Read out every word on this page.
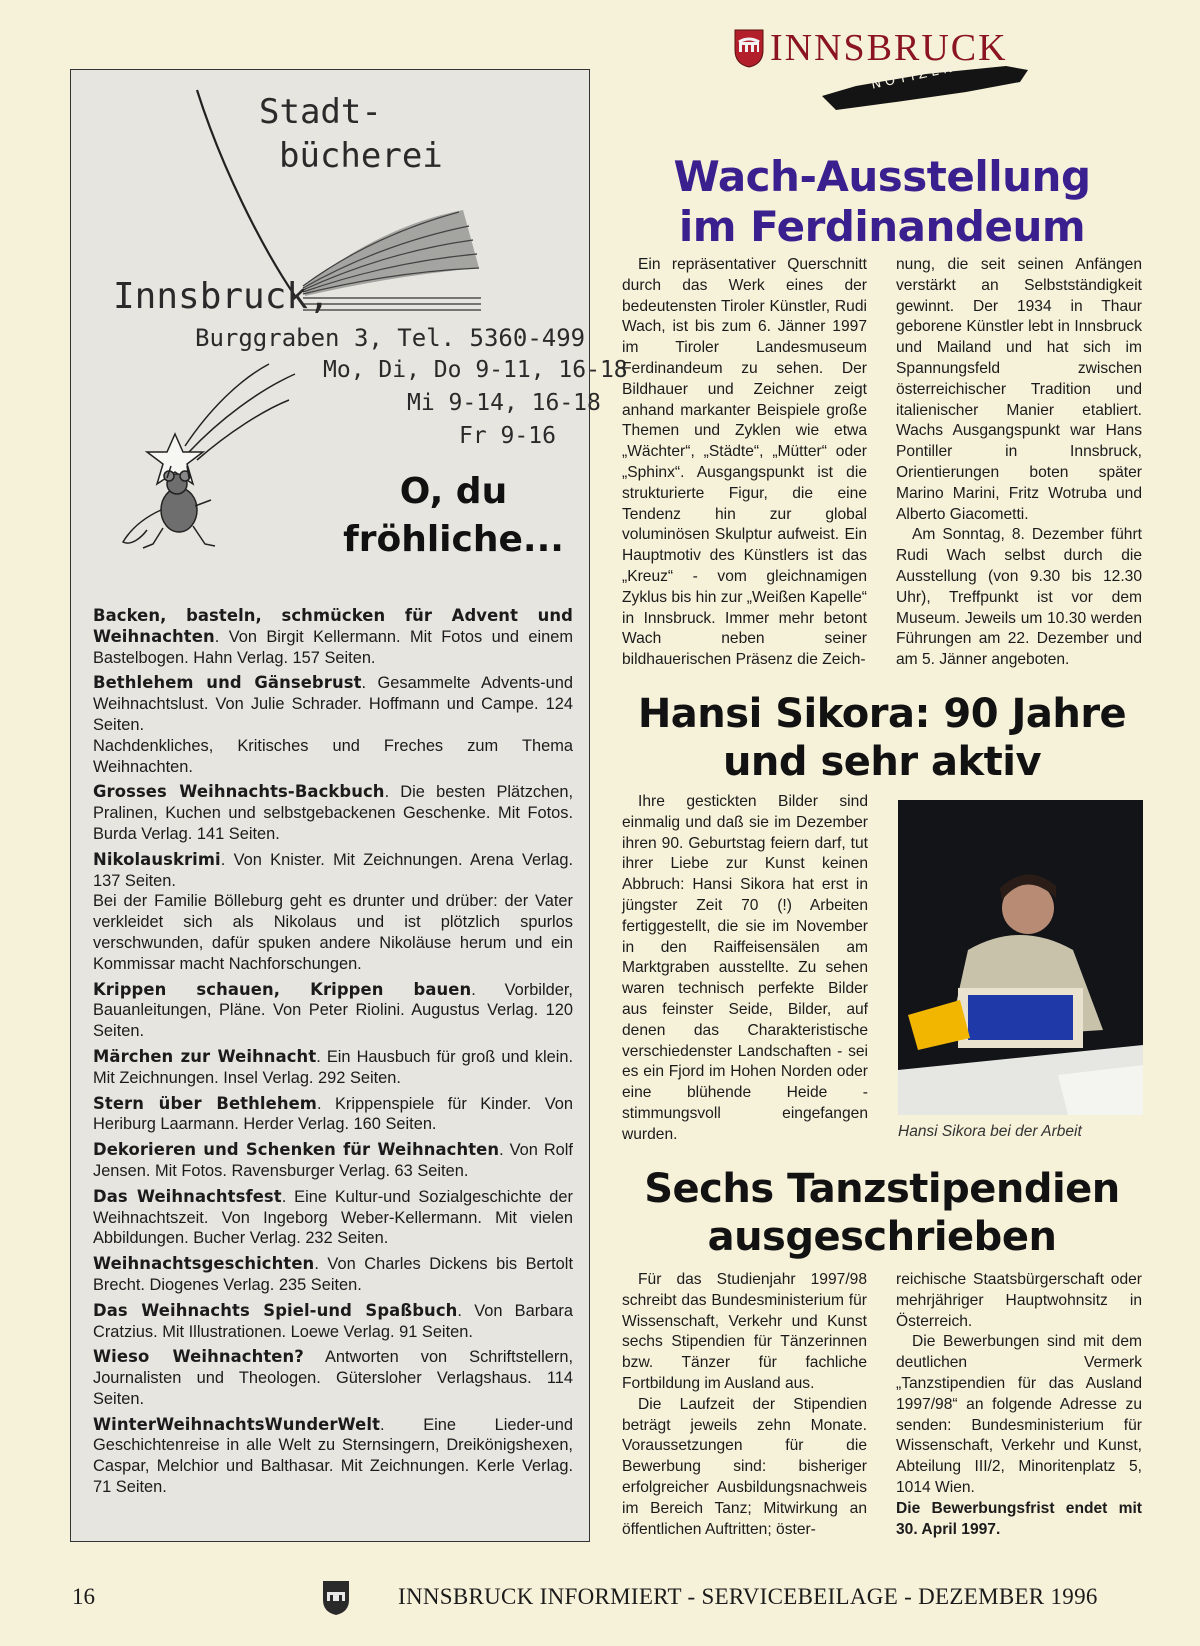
INNSBRUCK
NOTIZEN
Stadt-
bücherei
Innsbruck,
Burggraben 3, Tel. 5360-499
Mo, Di, Do 9-11, 16-18
Mi 9-14, 16-18
Fr 9-16
O, du
fröhliche...

Backen, basteln, schmücken für Advent und Weihnachten. Von Birgit Kellermann. Mit Fotos und einem Bastelbogen. Hahn Verlag. 157 Seiten.

Bethlehem und Gänsebrust. Gesammelte Advents-und Weihnachtslust. Von Julie Schrader. Hoffmann und Campe. 124 Seiten.

Nachdenkliches, Kritisches und Freches zum Thema Weihnachten.

Grosses Weihnachts-Backbuch. Die besten Plätzchen, Pralinen, Kuchen und selbstgebackenen Geschenke. Mit Fotos. Burda Verlag. 141 Seiten.

Nikolauskrimi. Von Knister. Mit Zeichnungen. Arena Verlag. 137 Seiten.

Bei der Familie Bölleburg geht es drunter und drüber: der Vater verkleidet sich als Nikolaus und ist plötzlich spurlos verschwunden, dafür spuken andere Nikoläuse herum und ein Kommissar macht Nachforschungen.

Krippen schauen, Krippen bauen. Vorbilder, Bauanleitungen, Pläne. Von Peter Riolini. Augustus Verlag. 120 Seiten.

Märchen zur Weihnacht. Ein Hausbuch für groß und klein. Mit Zeichnungen. Insel Verlag. 292 Seiten.

Stern über Bethlehem. Krippenspiele für Kinder. Von Heriburg Laarmann. Herder Verlag. 160 Seiten.

Dekorieren und Schenken für Weihnachten. Von Rolf Jensen. Mit Fotos. Ravensburger Verlag. 63 Seiten.

Das Weihnachtsfest. Eine Kultur-und Sozialgeschichte der Weihnachtszeit. Von Ingeborg Weber-Kellermann. Mit vielen Abbildungen. Bucher Verlag. 232 Seiten.

Weihnachtsgeschichten. Von Charles Dickens bis Bertolt Brecht. Diogenes Verlag. 235 Seiten.

Das Weihnachts Spiel-und Spaßbuch. Von Barbara Cratzius. Mit Illustrationen. Loewe Verlag. 91 Seiten.

Wieso Weihnachten? Antworten von Schriftstellern, Journalisten und Theologen. Gütersloher Verlagshaus. 114 Seiten.

WinterWeihnachtsWunderWelt. Eine Lieder-und Geschichtenreise in alle Welt zu Sternsingern, Dreikönigshexen, Caspar, Melchior und Balthasar. Mit Zeichnungen. Kerle Verlag. 71 Seiten.

Wach-Ausstellung
im Ferdinandeum

Ein repräsentativer Querschnitt durch das Werk eines der bedeutensten Tiroler Künstler, Rudi Wach, ist bis zum 6. Jänner 1997 im Tiroler Landesmuseum Ferdinandeum zu sehen. Der Bildhauer und Zeichner zeigt anhand markanter Beispiele große Themen und Zyklen wie etwa „Wächter“, „Städte“, „Mütter“ oder „Sphinx“. Ausgangspunkt ist die strukturierte Figur, die eine Tendenz hin zur global voluminösen Skulptur aufweist. Ein Hauptmotiv des Künstlers ist das „Kreuz“ - vom gleichnamigen Zyklus bis hin zur „Weißen Kapelle“ in Innsbruck. Immer mehr betont Wach neben seiner bildhauerischen Präsenz die Zeich-

nung, die seit seinen Anfängen verstärkt an Selbstständigkeit gewinnt. Der 1934 in Thaur geborene Künstler lebt in Innsbruck und Mailand und hat sich im Spannungsfeld zwischen österreichischer Tradition und italienischer Manier etabliert. Wachs Ausgangspunkt war Hans Pontiller in Innsbruck, Orientierungen boten später Marino Marini, Fritz Wotruba und Alberto Giacometti.

Am Sonntag, 8. Dezember führt Rudi Wach selbst durch die Ausstellung (von 9.30 bis 12.30 Uhr), Treffpunkt ist vor dem Museum. Jeweils um 10.30 werden Führungen am 22. Dezember und am 5. Jänner angeboten.

Hansi Sikora: 90 Jahre
und sehr aktiv

Ihre gestickten Bilder sind einmalig und daß sie im Dezember ihren 90. Geburtstag feiern darf, tut ihrer Liebe zur Kunst keinen Abbruch: Hansi Sikora hat erst in jüngster Zeit 70 (!) Arbeiten fertiggestellt, die sie im November in den Raiffeisensälen am Marktgraben ausstellte. Zu sehen waren technisch perfekte Bilder aus feinster Seide, Bilder, auf denen das Charakteristische verschiedenster Landschaften - sei es ein Fjord im Hohen Norden oder eine blühende Heide - stimmungsvoll eingefangen wurden.	Hansi Sikora bei der Arbeit
Sechs Tanzstipendien
ausgeschrieben

Für das Studienjahr 1997/98 schreibt das Bundesministerium für Wissenschaft, Verkehr und Kunst sechs Stipendien für Tänzerinnen bzw. Tänzer für fachliche Fortbildung im Ausland aus.

Die Laufzeit der Stipendien beträgt jeweils zehn Monate. Voraussetzungen für die Bewerbung sind: bisheriger erfolgreicher Ausbildungsnachweis im Bereich Tanz; Mitwirkung an öffentlichen Auftritten; öster-

reichische Staatsbürgerschaft oder mehrjähriger Hauptwohnsitz in Österreich.

Die Bewerbungen sind mit dem deutlichen Vermerk „Tanzstipendien für das Ausland 1997/98“ an folgende Adresse zu senden: Bundesministerium für Wissenschaft, Verkehr und Kunst, Abteilung III/2, Minoritenplatz 5, 1014 Wien.

Die Bewerbungsfrist endet mit 30. April 1997.

16	INNSBRUCK INFORMIERT - SERVICEBEILAGE - DEZEMBER 1996
